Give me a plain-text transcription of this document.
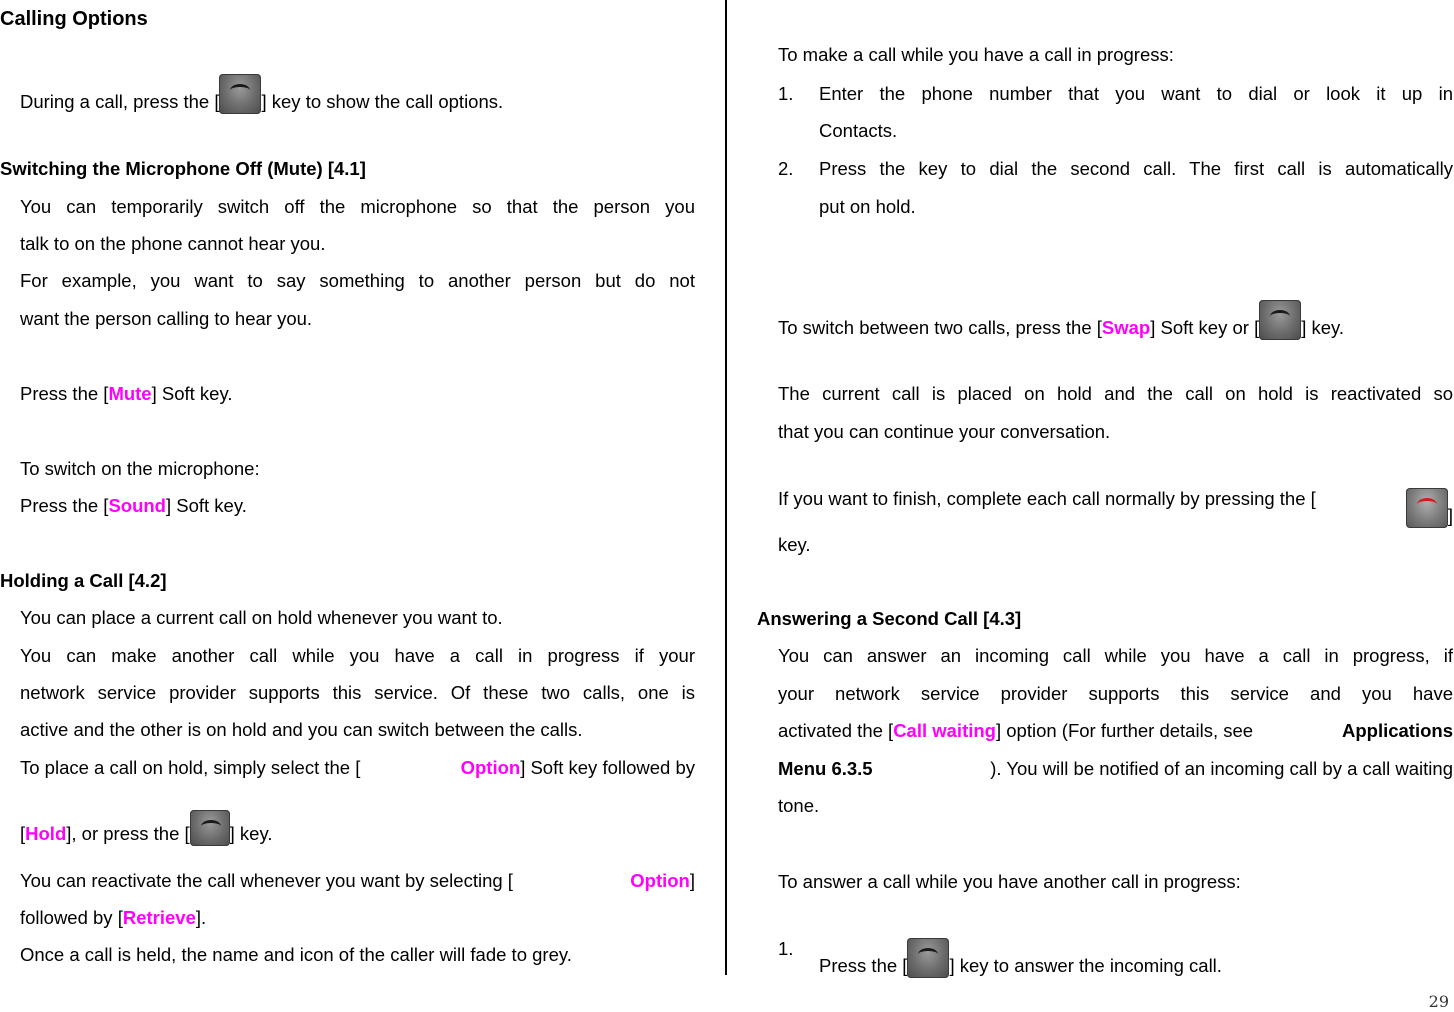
Calling Options
During a call, press the [ ] key to show the call options.
Switching the Microphone Off (Mute) [4.1]
You can temporarily switch off the microphone so that the person you
talk to on the phone cannot hear you.
For example, you want to say something to another person but do not
want the person calling to hear you.
Press the [Mute] Soft key.
To switch on the microphone:
Press the [Sound] Soft key.
Holding a Call [4.2]
You can place a current call on hold whenever you want to.
You can make another call while you have a call in progress if your
network service provider supports this service. Of these two calls, one is
active and the other is on hold and you can switch between the calls.
To place a call on hold, simply select the [	Option] Soft key followed by
[Hold], or press the [ ] key.
You can reactivate the call whenever you want by selecting [	Option]
followed by [Retrieve].
Once a call is held, the name and icon of the caller will fade to grey.
To make a call while you have a call in progress:
1. Enter the phone number that you want to dial or look it up in
Contacts.
2. Press the key to dial the second call. The first call is automatically
put on hold.
To switch between two calls, press the [Swap] Soft key or [ ] key.
The current call is placed on hold and the call on hold is reactivated so
that you can continue your conversation.
If you want to finish, complete each call normally by pressing the [
]
key.
Answering a Second Call [4.3]
You can answer an incoming call while you have a call in progress, if
your network service provider supports this service and you have
activated the [Call waiting] option (For further details, see	Applications
Menu 6.3.5	). You will be notified of an incoming call by a call waiting
tone.
To answer a call while you have another call in progress:
1.
Press the [ ] key to answer the incoming call.
29
